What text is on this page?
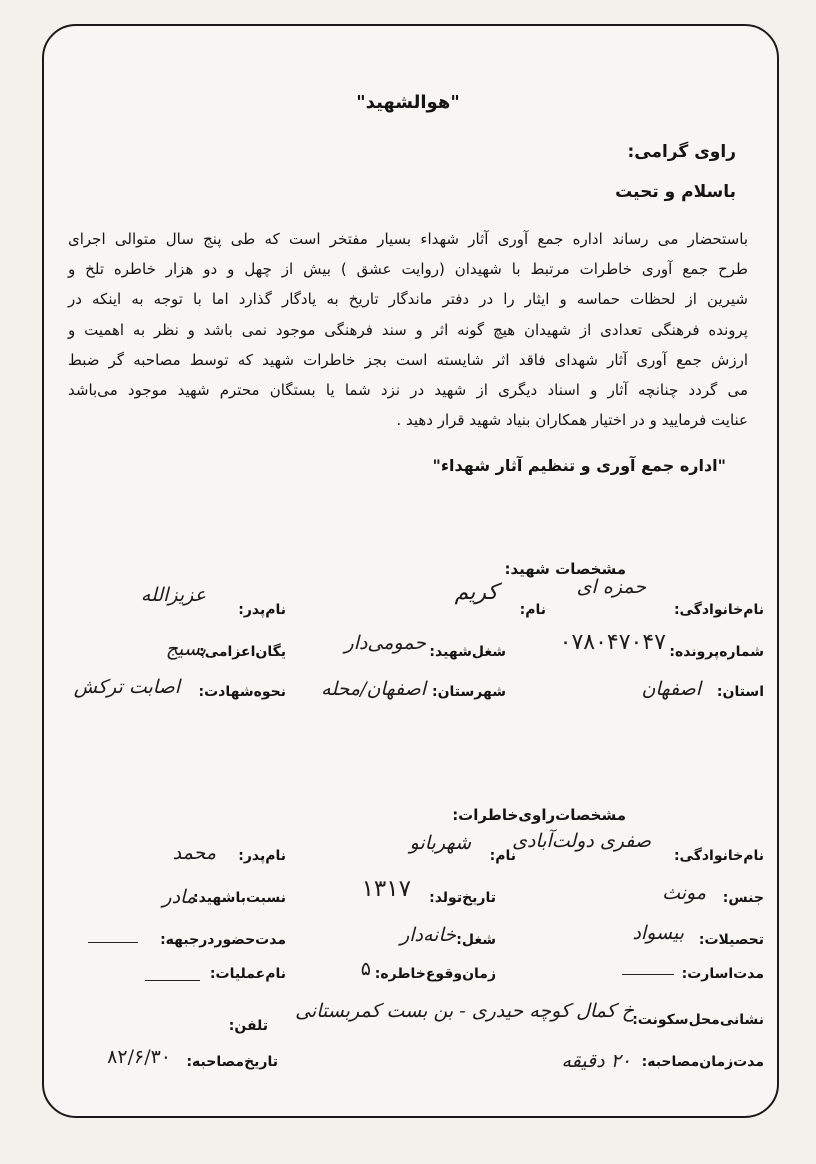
"هوالشهید"
راوی گرامی:
باسلام و تحیت
باستحضار می رساند اداره جمع آوری آثار شهداء بسیار مفتخر است که طی پنج سال متوالی اجرای
طرح جمع آوری خاطرات مرتبط با شهیدان (روایت عشق ) بیش از چهل و دو هزار خاطره تلخ و
شیرین از لحظات حماسه و ایثار را در دفتر ماندگار تاریخ به یادگار گذارد اما با توجه به اینکه در
پرونده فرهنگی تعدادی از شهیدان هیچ گونه اثر و سند فرهنگی موجود نمی باشد و نظر به اهمیت و
ارزش جمع آوری آثار شهدای فاقد اثر شایسته است بجز خاطرات شهید که توسط مصاحبه گر ضبط
می گردد چنانچه آثار و اسناد دیگری از شهید در نزد شما یا بستگان محترم شهید موجود می‌باشد
عنایت فرمایید و در اختیار همکاران بنیاد شهید قرار دهید .
"اداره جمع آوری و تنظیم آثار شهداء"
مشخصات شهید:
نام‌خانوادگی:
حمزه ‌ای
نام:
کریم
نام‌پدر:
عزیزالله
شماره‌پرونده:
۰۷۸۰۴۷۰۴۷
شغل‌شهید:
حمومی‌دار
یگان‌اعزامی:
بسیج
استان:
اصفهان
شهرستان:
اصفهان/محله
نحوه‌شهادت:
اصابت ترکش
مشخصات‌راوی‌خاطرات:
نام‌خانوادگی:
صفری دولت‌آبادی
نام:
شهربانو
نام‌پدر:
محمد
جنس:
مونث
تاریخ‌تولد:
۱۳۱۷
نسبت‌باشهید:
مادر
تحصیلات:
بیسواد
شغل:
خانه‌دار
مدت‌حضوردرجبهه:
مدت‌اسارت:
زمان‌وقوع‌خاطره:
۵
نام‌عملیات:
نشانی‌محل‌سکونت:
خ کمال کوچه حیدری - بن بست کمربستانی
تلفن:
مدت‌زمان‌مصاحبه:
۲۰ دقیقه
تاریخ‌مصاحبه:
۸۲/۶/۳۰
